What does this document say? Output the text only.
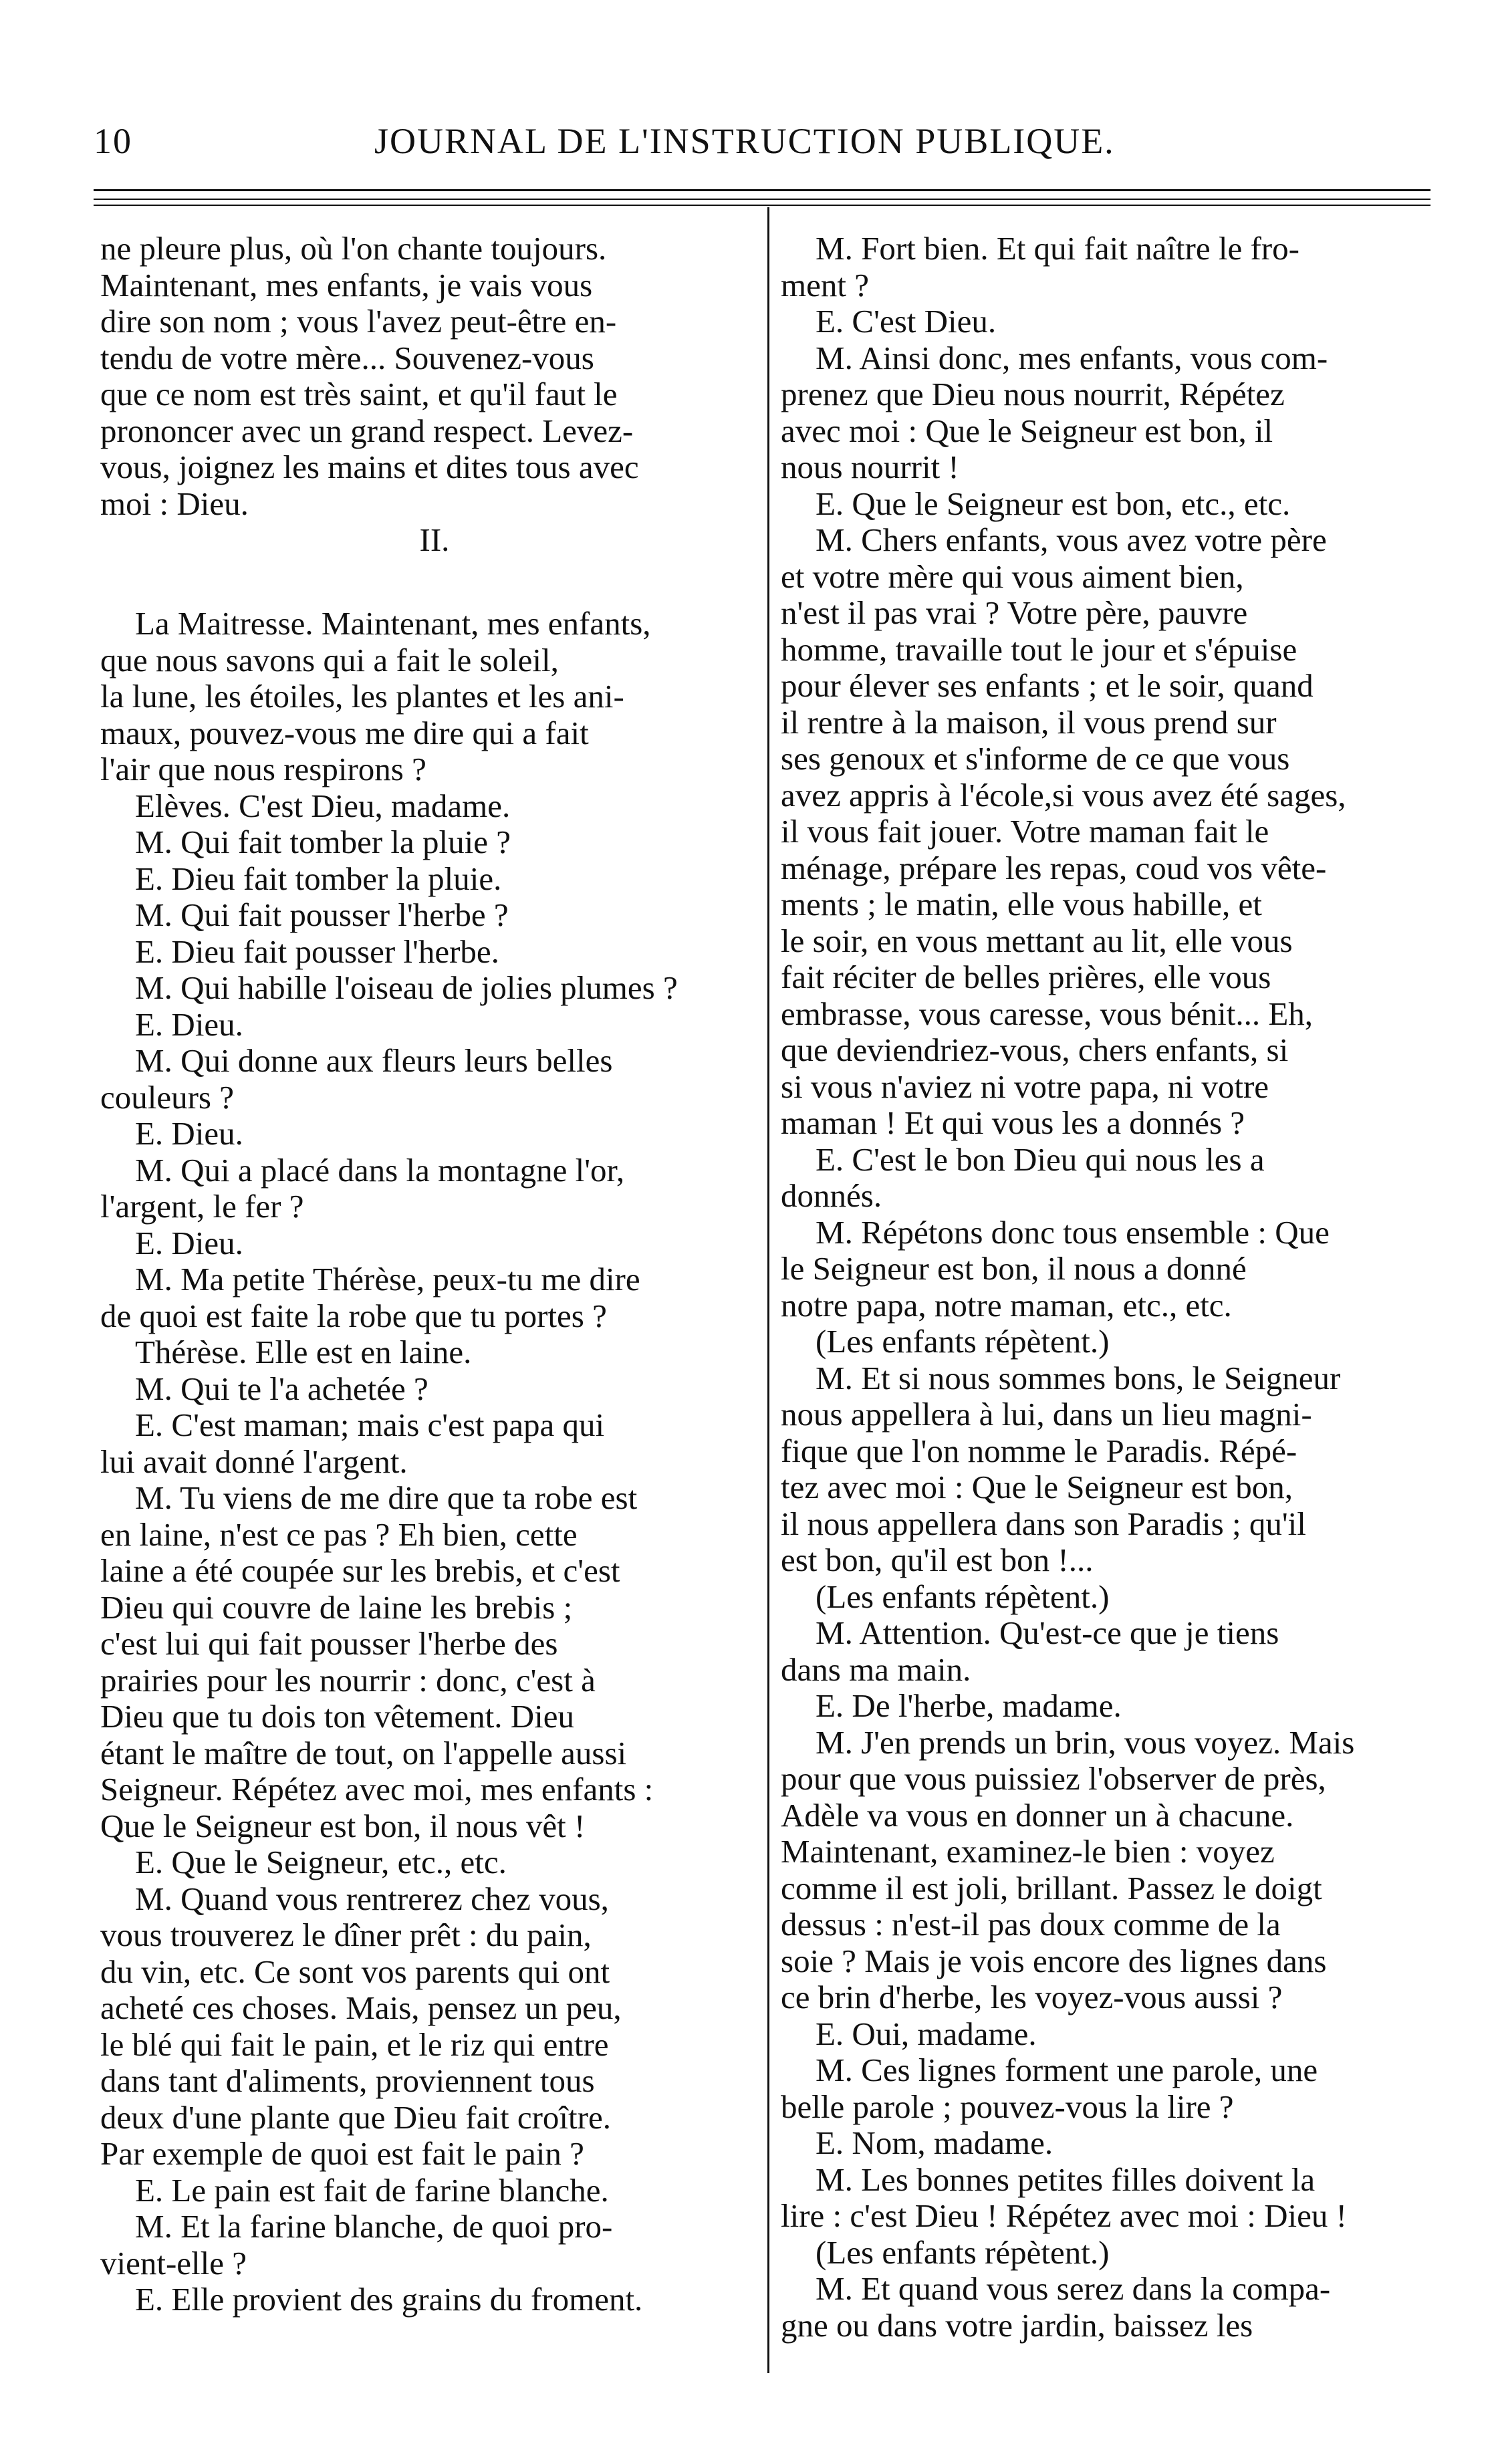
10	JOURNAL DE L'INSTRUCTION PUBLIQUE.
ne pleure plus, où l'on chante toujours.
Maintenant, mes enfants, je vais vous
dire son nom ; vous l'avez peut-être en-
tendu de votre mère... Souvenez-vous
que ce nom est très saint, et qu'il faut le
prononcer avec un grand respect. Levez-
vous, joignez les mains et dites tous avec
moi : Dieu.
II.
La Maitresse. Maintenant, mes enfants,
que nous savons qui a fait le soleil,
la lune, les étoiles, les plantes et les ani-
maux, pouvez-vous me dire qui a fait
l'air que nous respirons ?
Elèves. C'est Dieu, madame.
M. Qui fait tomber la pluie ?
E. Dieu fait tomber la pluie.
M. Qui fait pousser l'herbe ?
E. Dieu fait pousser l'herbe.
M. Qui habille l'oiseau de jolies plumes ?
E. Dieu.
M. Qui donne aux fleurs leurs belles
couleurs ?
E. Dieu.
M. Qui a placé dans la montagne l'or,
l'argent, le fer ?
E. Dieu.
M. Ma petite Thérèse, peux-tu me dire
de quoi est faite la robe que tu portes ?
Thérèse. Elle est en laine.
M. Qui te l'a achetée ?
E. C'est maman; mais c'est papa qui
lui avait donné l'argent.
M. Tu viens de me dire que ta robe est
en laine, n'est ce pas ? Eh bien, cette
laine a été coupée sur les brebis, et c'est
Dieu qui couvre de laine les brebis ;
c'est lui qui fait pousser l'herbe des
prairies pour les nourrir : donc, c'est à
Dieu que tu dois ton vêtement. Dieu
étant le maître de tout, on l'appelle aussi
Seigneur. Répétez avec moi, mes enfants :
Que le Seigneur est bon, il nous vêt !
E. Que le Seigneur, etc., etc.
M. Quand vous rentrerez chez vous,
vous trouverez le dîner prêt : du pain,
du vin, etc. Ce sont vos parents qui ont
acheté ces choses. Mais, pensez un peu,
le blé qui fait le pain, et le riz qui entre
dans tant d'aliments, proviennent tous
deux d'une plante que Dieu fait croître.
Par exemple de quoi est fait le pain ?
E. Le pain est fait de farine blanche.
M. Et la farine blanche, de quoi pro-
vient-elle ?
E. Elle provient des grains du froment.
M. Fort bien. Et qui fait naître le fro-
ment ?
E. C'est Dieu.
M. Ainsi donc, mes enfants, vous com-
prenez que Dieu nous nourrit, Répétez
avec moi : Que le Seigneur est bon, il
nous nourrit !
E. Que le Seigneur est bon, etc., etc.
M. Chers enfants, vous avez votre père
et votre mère qui vous aiment bien,
n'est il pas vrai ? Votre père, pauvre
homme, travaille tout le jour et s'épuise
pour élever ses enfants ; et le soir, quand
il rentre à la maison, il vous prend sur
ses genoux et s'informe de ce que vous
avez appris à l'école,si vous avez été sages,
il vous fait jouer. Votre maman fait le
ménage, prépare les repas, coud vos vête-
ments ; le matin, elle vous habille, et
le soir, en vous mettant au lit, elle vous
fait réciter de belles prières, elle vous
embrasse, vous caresse, vous bénit... Eh,
que deviendriez-vous, chers enfants, si
si vous n'aviez ni votre papa, ni votre
maman ! Et qui vous les a donnés ?
E. C'est le bon Dieu qui nous les a
donnés.
M. Répétons donc tous ensemble : Que
le Seigneur est bon, il nous a donné
notre papa, notre maman, etc., etc.
(Les enfants répètent.)
M. Et si nous sommes bons, le Seigneur
nous appellera à lui, dans un lieu magni-
fique que l'on nomme le Paradis. Répé-
tez avec moi : Que le Seigneur est bon,
il nous appellera dans son Paradis ; qu'il
est bon, qu'il est bon !...
(Les enfants répètent.)
M. Attention. Qu'est-ce que je tiens
dans ma main.
E. De l'herbe, madame.
M. J'en prends un brin, vous voyez. Mais
pour que vous puissiez l'observer de près,
Adèle va vous en donner un à chacune.
Maintenant, examinez-le bien : voyez
comme il est joli, brillant. Passez le doigt
dessus : n'est-il pas doux comme de la
soie ? Mais je vois encore des lignes dans
ce brin d'herbe, les voyez-vous aussi ?
E. Oui, madame.
M. Ces lignes forment une parole, une
belle parole ; pouvez-vous la lire ?
E. Nom, madame.
M. Les bonnes petites filles doivent la
lire : c'est Dieu ! Répétez avec moi : Dieu !
(Les enfants répètent.)
M. Et quand vous serez dans la compa-
gne ou dans votre jardin, baissez les
